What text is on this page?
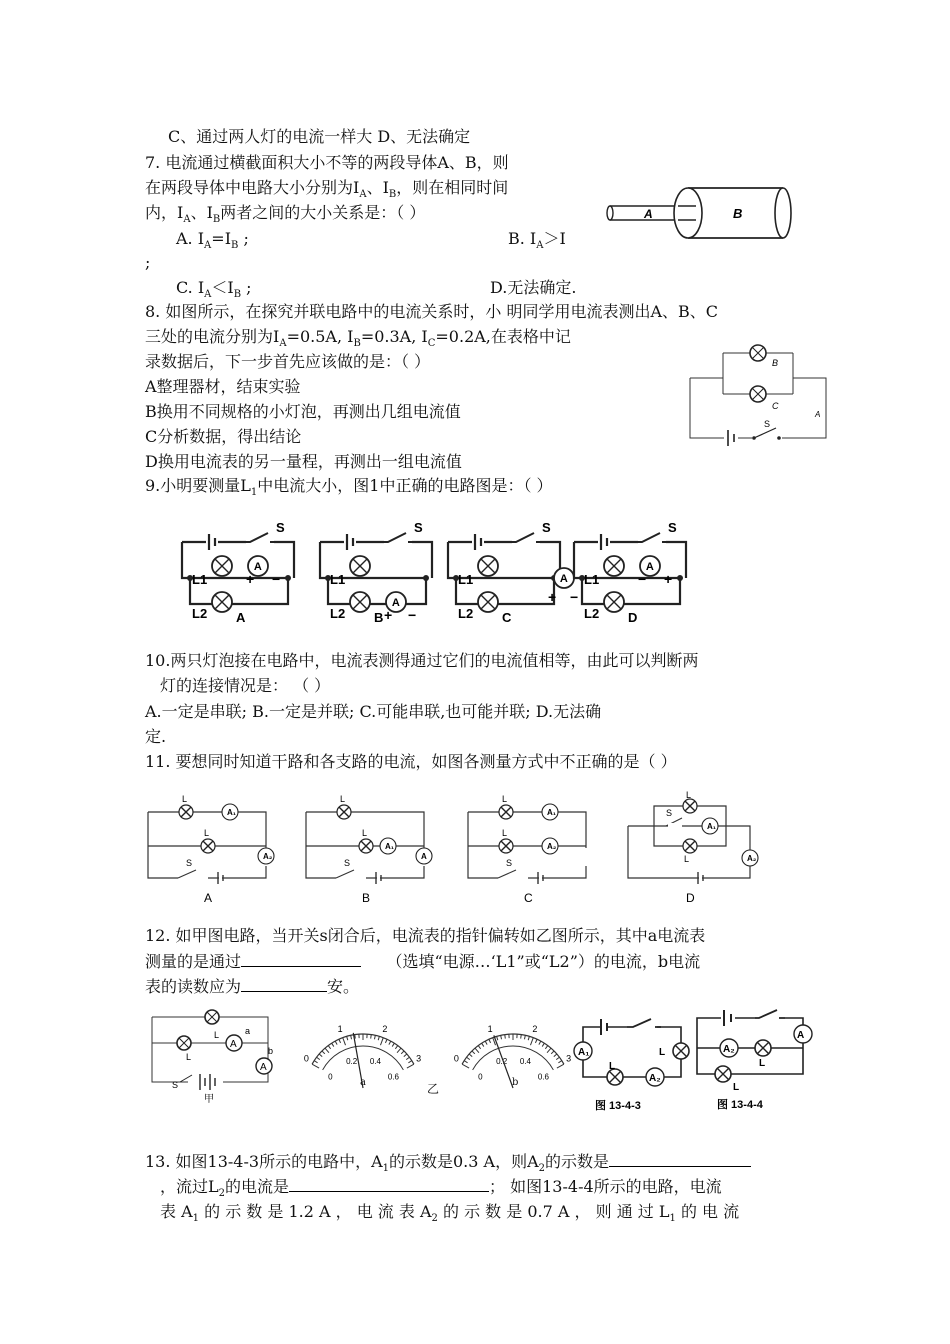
C、通过两人灯的电流一样大 D、无法确定
7. 电流通过横截面积大小不等的两段导体A、B，则
在两段导体中电路大小分别为$I_A$、$I_B$，则在相同时间
内，$I_A$、$I_B$两者之间的大小关系是：（ ）
A. $I_A=I_B$ ;	B. $I_A>I$
;
C. $I_A<I_B$ ;	D.无法确定.
A	B
8. 如图所示，在探究并联电路中的电流关系时，小 明同学用电流表测出A、B、C
三处的电流分别为$I_A=0.5A$, $I_B=0.3A$, $I_C=0.2A$,在表格中记
录数据后，下一步首先应该做的是：（ ）
A整理器材，结束实验
B换用不同规格的小灯泡，再测出几组电流值
C分析数据，得出结论
D换用电流表的另一量程，再测出一组电流值
B
C
A
S
9.小明要测量$L_1$中电流大小，图1中正确的电路图是：（ ）
S
L1
L2
A
+ −
A
S
L1
L2
A
+ −
B
S
L1
L2
A
+ −
C
S
L1
L2
A
− +
D
10.两只灯泡接在电路中，电流表测得通过它们的电流值相等，由此可以判断两
灯的连接情况是： （ ）
A.一定是串联; B.一定是并联; C.可能串联,也可能并联; D.无法确
定.
11. 要想同时知道干路和各支路的电流，如图各测量方式中不正确的是（ ）
L
L
S
A₁
A₂
A
L
L
S
A₁
A
B
L
L
S
A₁
A₂
C
A₁
A₂
S
L
L
D
12. 如甲图电路，当开关s闭合后，电流表的指针偏转如乙图所示，其中a电流表
测量的是通过	（选填“电源…‘L1”或“L2”）的电流，b电流
表的读数应为	安。
A
A
L
L
a
b
S
甲
0
1	2
3
0
0.2 0.4
0.6
0
1	2
3
0
0.2 0.4
0.6
a	乙	b
A₁
A₂
L
L
图 13-4-3
A
A₂
L
L
图 13-4-4
13. 如图13-4-3所示的电路中，$A_1$的示数是0.3 A，则$A_2$的示数是
，流过$L_2$的电流是	； 如图13-4-4所示的电路，电流
表 $A_1$ 的 示 数 是 1.2 A ， 电 流 表 $A_2$ 的 示 数 是 0.7 A ， 则 通 过 $L_1$ 的 电 流
